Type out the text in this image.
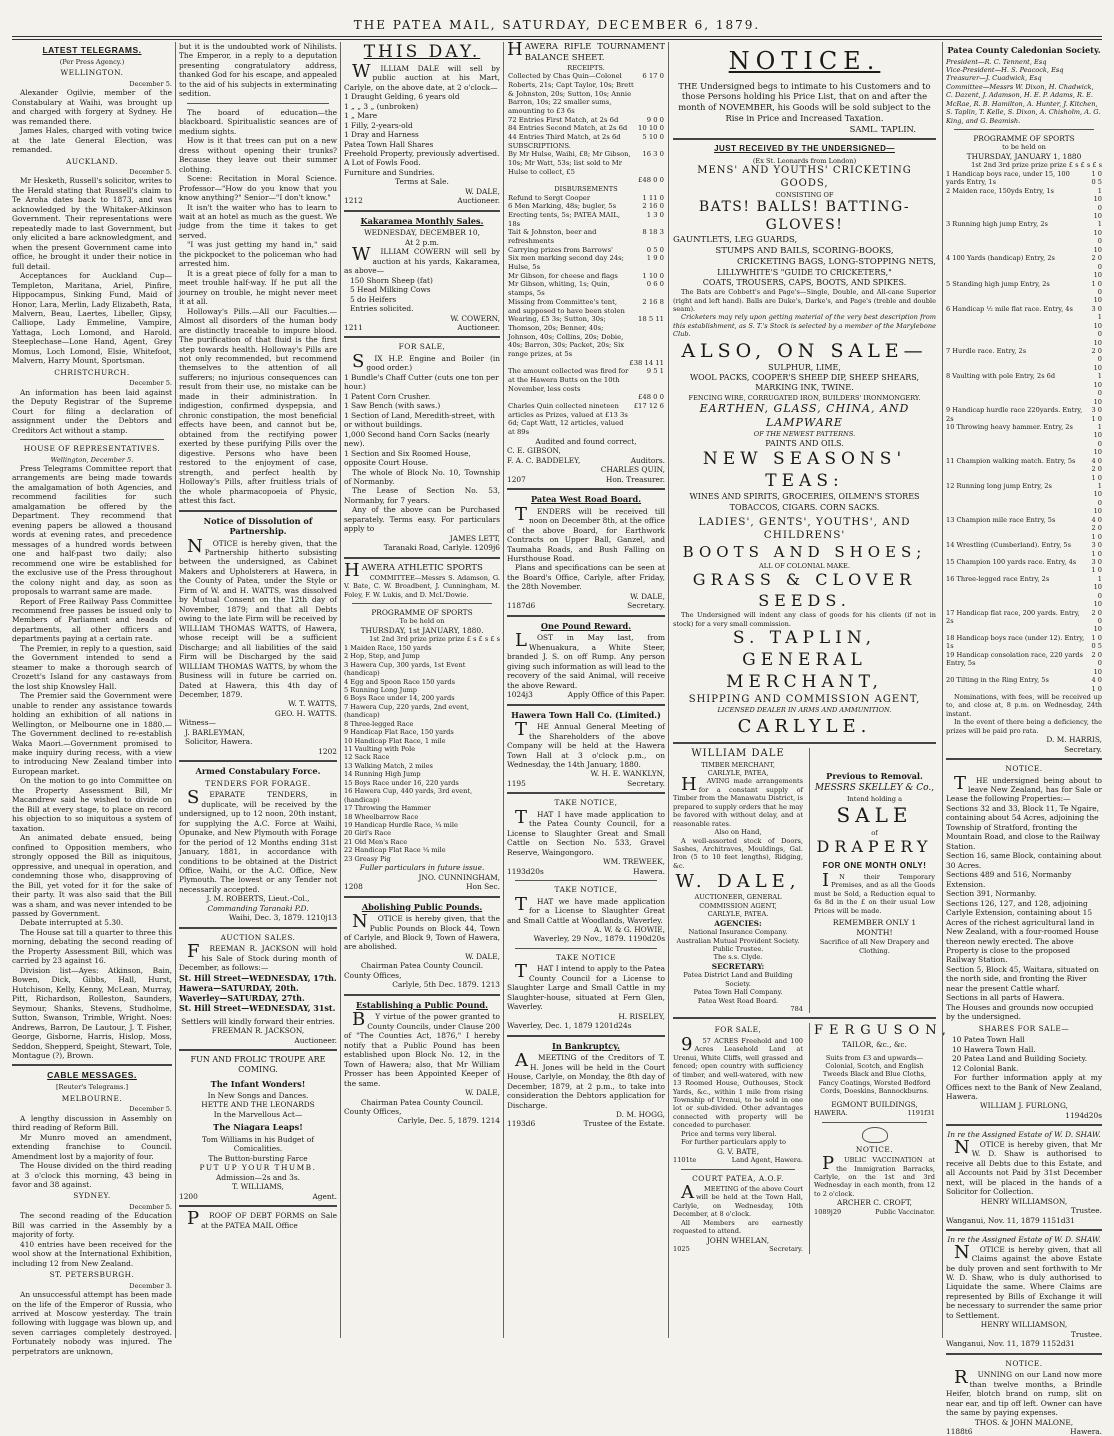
THE PATEA MAIL, SATURDAY, DECEMBER 6, 1879.
LATEST TELEGRAMS.
(Per Press Agency.)
WELLINGTON.
December 5.

Alexander Ogilvie, member of the Constabulary at Waihi, was brought up and charged with forgery at Sydney. He was remanded there.

James Hales, charged with voting twice at the late General Election, was remanded.

AUCKLAND.
December 5.

Mr Hesketh, Russell's solicitor, writes to the Herald stating that Russell's claim to Te Aroha dates back to 1873, and was acknowledged by the Whitaker-Atkinson Government. Their representations were repeatedly made to last Government, but only elicited a bare acknowledgment, and when the present Government came into office, he brought it under their notice in full detail.

Acceptances for Auckland Cup—Templeton, Maritana, Ariel, Pinfire, Hippocampus, Sinking Fund, Maid of Honor, Lara, Merlin, Lady Elizabeth, Rata, Malvern, Beau, Laertes, Libeller, Gipsy, Calliope, Lady Emmeline, Vampire, Yattaga, Loch Lomond, and Harold. Steeplechase—Lone Hand, Agent, Grey Momus, Loch Lomond, Elsie, Whitefoot, Malvern, Harry Mount, Sportsman.

CHRISTCHURCH.
December 5.

An information has been laid against the Deputy Registrar of the Supreme Court for filing a declaration of assignment under the Debtors and Creditors Act without a stamp.

HOUSE OF REPRESENTATIVES.
Wellington, December 5.

Press Telegrams Committee report that arrangements are being made towards the amalgamation of both Agencies, and recommend facilities for such amalgamation be offered by the Department. They recommend that evening papers be allowed a thousand words at evening rates, and precedence messages of a hundred words between one and half-past two daily; also recommend one wire be established for the exclusive use of the Press throughout the colony night and day, as soon as proposals to warrant same are made.

Report of Free Railway Pass Committee recommend free passes be issued only to Members of Parliament and heads of departments, all other officers and departments paying at a certain rate.

The Premier, in reply to a question, said the Government intended to send a steamer to make a thorough search of Crozett's Island for any castaways from the lost ship Knowsley Hall.

The Premier said the Government were unable to render any assistance towards holding an exhibition of all nations in Wellington, or Melbourne one in 1880.—The Government declined to re-establish Waka Maori.—Government promised to make inquiry during recess, with a view to introducing New Zealand timber into European market.

On the motion to go into Committee on the Property Assessment Bill, Mr Macandrew said he wished to divide on the Bill at every stage, to place on record his objection to so iniquitous a system of taxation.

An animated debate ensued, being confined to Opposition members, who strongly opposed the Bill as iniquitous, oppressive, and unequal in operation, and condemning those who, disapproving of the Bill, yet voted for it for the sake of their party. It was also said that the Bill was a sham, and was never intended to be passed by Government.

Debate interrupted at 5.30.

The House sat till a quarter to three this morning, debating the second reading of the Property Assessment Bill, which was carried by 23 against 16.

Division list—Ayes: Atkinson, Bain, Bowen, Dick, Gibbs, Hall, Hurst, Hutchison, Kelly, Kenny, McLean, Murray, Pitt, Richardson, Rolleston, Saunders, Seymour, Shanks, Stevens, Studholme, Sutton, Swanson, Trimble, Wright. Noes: Andrews, Barron, De Lautour, J. T. Fisher, George, Gisborne, Harris, Hislop, Moss, Seddon, Shepperd, Speight, Stewart, Tole, Montague (?), Brown.

CABLE MESSAGES.
[Reuter's Telegrams.]
MELBOURNE.
December 5.

A lengthy discussion in Assembly on third reading of Reform Bill.

Mr Munro moved an amendment, extending franchise to Council. Amendment lost by a majority of four.

The House divided on the third reading at 3 o'clock this morning, 43 being in favor and 38 against.

SYDNEY.
December 5.

The second reading of the Education Bill was carried in the Assembly by a majority of forty.

410 entries have been received for the wool show at the International Exhibition, including 12 from New Zealand.

ST. PETERSBURGH.
December 3.

An unsuccessful attempt has been made on the life of the Emperor of Russia, who arrived at Moscow yesterday. The train following with luggage was blown up, and seven carriages completely destroyed. Fortunately nobody was injured. The perpetrators are unknown,

but it is the undoubted work of Nihilists. The Emperor, in a reply to a deputation presenting congratulatory address, thanked God for his escape, and appealed to the aid of his subjects in exterminating sedition.

The board of education—the blackboard. Spiritualistic seances are of medium sights.

How is it that trees can put on a new dress without opening their trunks? Because they leave out their summer clothing.

Scene: Recitation in Moral Science. Professor—"How do you know that you know anything?" Senior—"I don't know."

It isn't the waiter who has to learn to wait at an hotel as much as the guest. We judge from the time it takes to get served.

"I was just getting my hand in," said the pickpocket to the policeman who had arrested him.

It is a great piece of folly for a man to meet trouble half-way. If he put all the journey on trouble, he might never meet it at all.

Holloway's Pills.—All our Faculties.—Almost all disorders of the human body are distinctly traceable to impure blood. The purification of that fluid is the first step towards health. Holloway's Pills are not only recommended, but recommend themselves to the attention of all sufferers; no injurious consequences can result from their use, no mistake can be made in their administration. In indigestion, confirmed dyspepsia, and chronic constipation, the most beneficial effects have been, and cannot but be, obtained from the rectifying power exerted by these purifying Pills over the digestive. Persons who have been restored to the enjoyment of case, strength, and perfect health by Holloway's Pills, after fruitless trials of the whole pharmacopoeia of Physic, attest this fact.

Notice of Dissolution of Partnership.

NOTICE is hereby given, that the Partnership hitherto subsisting between the undersigned, as Cabinet Makers and Upholsterers at Hawera, in the County of Patea, under the Style or Firm of W. and H. WATTS, was dissolved by Mutual Consent on the 12th day of November, 1879; and that all Debts owing to the late Firm will be received by WILLIAM THOMAS WATTS, of Hawera, whose receipt will be a sufficient Discharge; and all liabilities of the said Firm will be Discharged by the said WILLIAM THOMAS WATTS, by whom the Business will in future be carried on. Dated at Hawera, this 4th day of December, 1879.

W. T. WATTS,
GEO. H. WATTS.
Witness—
J. BARLEYMAN,
Solicitor, Hawera.
1202
Armed Constabulary Force.
TENDERS FOR FORAGE.

SEPARATE TENDERS, in duplicate, will be received by the undersigned, up to 12 noon, 20th instant, for supplying the A.C. Force at Waihi, Opunake, and New Plymouth with Forage for the period of 12 Months ending 31st January, 1881, in accordance with conditions to be obtained at the District Office, Waihi, or the A.C. Office, New Plymouth. The lowest or any Tender not necessarily accepted.

J. M. ROBERTS, Lieut.-Col.,
Commanding Taranaki P.D.
Waihi, Dec. 3, 1879. 1210j13
AUCTION SALES.

FREEMAN R. JACKSON will hold his Sale of Stock during month of December, as follows:—

St. Hill Street—WEDNESDAY, 17th.
Hawera—SATURDAY, 20th.
Waverley—SATURDAY, 27th.
St. Hill Street—WEDNESDAY, 31st.
Settlers will kindly forward their entries.
FREEMAN R. JACKSON,
Auctioneer.
FUN AND FROLIC TROUPE ARE COMING.
The Infant Wonders!
In New Songs and Dances.
HETTE AND THE LEONARDS
In the Marvellous Act—
The Niagara Leaps!
Tom Williams in his Budget of Comicalities.
The Button-bursting Farce
PUT UP YOUR THUMB.
Admission—2s and 3s.
T. WILLIAMS,
1200	Agent.

PROOF OF DEBT FORMS on Sale at the PATEA MAIL Office

THIS DAY.

WILLIAM DALE will sell by public auction at his Mart, Carlyle, on the above date, at 2 o'clock—

1 Draught Gelding, 6 years old
1 „ „ 3 „ (unbroken)
1 „ Mare
1 Filly, 2-years-old
1 Dray and Harness
Patea Town Hall Shares
Freehold Property, previously advertised.
A Lot of Fowls Food.
Furniture and Sundries.
Terms at Sale.
W. DALE,
1212	Auctioneer.
Kakaramea Monthly Sales.
WEDNESDAY, DECEMBER 10,
At 2 p.m.

WILLIAM COWERN will sell by auction at his yards, Kakaramea, as above—

150 Shorn Sheep (fat)
5 Head Milking Cows
5 do Heifers
Entries solicited.
W. COWERN,
1211	Auctioneer.
FOR SALE,

SIX H.P. Engine and Boiler (in good order.)

1 Bundle's Chaff Cutter (cuts one ton per hour.)
1 Patent Corn Crusher.
1 Saw Bench (with saws.)
1 Section of Land, Meredith-street, with or without buildings.
1,000 Second hand Corn Sacks (nearly new).
1 Section and Six Roomed House, opposite Court House.

The whole of Block No. 10, Township of Normanby.

The Lease of Section No. 53, Normanby, for 7 years.

Any of the above can be Purchased separately. Terms easy. For particulars apply to

JAMES LETT,
Taranaki Road, Carlyle. 1209j6

HAWERA ATHLETIC SPORTS

COMMITTEE—Messrs S. Adamson, G. V. Bate, C. W. Broadbent, J. Cunningham, M. Foley, F. W. Lukis, and D. McL'Dowie.

PROGRAMME OF SPORTS
To be held on
THURSDAY, 1st JANUARY, 1880.
1st 2nd 3rd prize prize prize £ s £ s £ s
1 Maiden Race, 150 yards
2 Hop, Step, and Jump
3 Hawera Cup, 300 yards, 1st Event (handicap)
4 Egg and Spoon Race 150 yards
5 Running Long Jump
6 Boys Race under 14, 200 yards
7 Hawera Cup, 220 yards, 2nd event, (handicap)
8 Three-legged Race
9 Handicap Flat Race, 150 yards
10 Handicap Flat Race, 1 mile
11 Vaulting with Pole
12 Sack Race
13 Walking Match, 2 miles
14 Running High Jump
15 Boys Race under 16, 220 yards
16 Hawera Cup, 440 yards, 3rd event, (handicap)
17 Throwing the Hammer
18 Wheelbarrow Race
19 Handicap Hurdle Race, ¼ mile
20 Girl's Race
21 Old Men's Race
22 Handicap Flat Race ¼ mile
23 Greasy Pig
Fuller particulars in future issue.
JNO. CUNNINGHAM,
1208	Hon Sec.
Abolishing Public Pounds.

NOTICE is hereby given, that the Public Pounds on Block 44, Town of Carlyle, and Block 9, Town of Hawera, are abolished.

W. DALE,
Chairman Patea County Council.
County Offices,
Carlyle, 5th Dec. 1879. 1213
Establishing a Public Pound.

BY virtue of the power granted to County Councils, under Clause 200 of "The Counties Act, 1876," I hereby notify that a Public Pound has been established upon Block No. 12, in the Town of Hawera; also, that Mr William Prosser has been Appointed Keeper of the same.

W. DALE,
Chairman Patea County Council.
County Offices,
Carlyle, Dec. 5, 1879. 1214

HAWERA RIFLE TOURNAMENT BALANCE SHEET.

RECEIPTS.
Collected by Chas Quin—Colonel Roberts, 21s; Capt Taylor, 10s; Brett & Johnston, 20s; Sutton, 10s; Annie Barron, 10s; 22 smaller sums, amounting to £3 6s	6 17 0
72 Entries First Match, at 2s 6d	9 0 0
84 Entries Second Match, at 2s 6d	10 10 0
44 Entries Third Match, at 2s 6d	5 10 0
SUBSCRIPTIONS.	
By Mr Hulse, Waihi, £8; Mr Gibson, 10s; Mr Watt, 53s; list sold to Mr Hulse to collect, £5	16 3 0
	£48 0 0
DISBURSEMENTS
Refund to Sergt Cooper	1 11 0
6 Men Marking, 48s; bugler, 5s	2 16 0
Erecting tents, 5s; PATEA MAIL, 18s	1 3 0
Tait & Johnston, beer and refreshments	8 18 3
Carrying prizes from Barrows'	0 5 0
Six men marking second day 24s; Hulse, 5s	1 9 0
Mr Gibson, for cheese and flags	1 10 0
Mr Gibson, whiting, 1s; Quin, stamps, 5s	0 6 0
Missing from Committee's tent, and supposed to have been stolen	2 16 8
Wearing, £5 3s; Sutton, 30s; Thomson, 20s; Benner, 40s; Johnson, 40s; Collins, 20s; Dobie, 40s; Barron, 30s; Packet, 20s; Six range prizes, at 5s	18 5 11
	£38 14 11
The amount collected was fired for at the Hawera Butts on the 10th November, less costs	9 5 1
	£48 0 0
Charles Quin collected nineteen articles as Prizes, valued at £13 3s 6d; Capt Watt, 12 articles, valued at 89s	£17 12 6
Audited and found correct,
C. E. GIBSON,
F. A. C. BADDELEY,	Auditors.
CHARLES QUIN,
1207	Hon. Treasurer.
Patea West Road Board.

TENDERS will be received till noon on December 8th, at the office of the above Board, for Earthwork Contracts on Upper Ball, Ganzel, and Taumaha Roads, and Bush Falling on Hursthouse Road.

Plans and specifications can be seen at the Board's Office, Carlyle, after Friday, the 28th November.

W. DALE,
1187d6	Secretary.
One Pound Reward.

LOST in May last, from Whenuakura, a White Steer, branded J. S. on off Rump. Any person giving such information as will lead to the recovery of the said Animal, will receive the above Reward.

1024j3	Apply Office of this Paper.
Hawera Town Hall Co. (Limited.)

THE Annual General Meeting of the Shareholders of the above Company will be held at the Hawera Town Hall at 3 o'clock p.m., on Wednesday, the 14th January, 1880.

W. H. E. WANKLYN,
1195	Secretary.
TAKE NOTICE,

THAT I have made application to the Patea County Council, for a License to Slaughter Great and Small Cattle on Section No. 533, Gravel Reserve, Waingongoro.

WM. TREWEEK,
1193d20s	Hawera.
TAKE NOTICE,

THAT we have made application for a License to Slaughter Great and Small Cattle at Woodlands, Waverley.

A. W. & G. HOWIE,
Waverley, 29 Nov., 1879. 1190d20s
TAKE NOTICE

THAT I intend to apply to the Patea County Council for a License to Slaughter Large and Small Cattle in my Slaughter-house, situated at Fern Glen, Waverley.

H. RISELEY,
Waverley, Dec. 1, 1879 1201d24s
In Bankruptcy.

AMEETING of the Creditors of T. H. Jones will be held in the Court House, Carlyle, on Monday, the 8th day of December, 1879, at 2 p.m., to take into consideration the Debtors application for Discharge.

D. M. HOGG,
1193d6	Trustee of the Estate.
NOTICE.

THE Undersigned begs to intimate to his Customers and to those Persons holding his Price List, that on and after the month of NOVEMBER, his Goods will be sold subject to the Rise in Price and Increased Taxation.

SAML. TAPLIN.
JUST RECEIVED BY THE UNDERSIGNED—
(Ex St. Leonards from London)
MENS' AND YOUTHS' CRICKETING GOODS,
CONSISTING OF
BATS! BALLS! BATTING-GLOVES!
GAUNTLETS, LEG GUARDS,
STUMPS AND BAILS, SCORING-BOOKS,
CRICKETING BAGS, LONG-STOPPING NETS,
LILLYWHITE'S "GUIDE TO CRICKETERS,"
COATS, TROUSERS, CAPS, BOOTS, AND SPIKES.

The Bats are Cobbett's and Page's—Single, Double, and All-cane Superior (right and left hand). Balls are Duke's, Darke's, and Page's (treble and double seam).

Cricketers may rely upon getting material of the very best description from this establishment, as S. T.'s Stock is selected by a member of the Marylebone Club.

ALSO, ON SALE—
SULPHUR, LIME,
WOOL PACKS, COOPER'S SHEEP DIP, SHEEP SHEARS,
MARKING INK, TWINE.
FENCING WIRE, CORRUGATED IRON, BUILDERS' IRONMONGERY.
EARTHEN, GLASS, CHINA, AND LAMPWARE
OF THE NEWEST PATTERNS.
PAINTS AND OILS.
NEW SEASONS' TEAS:
WINES AND SPIRITS, GROCERIES, OILMEN'S STORES
TOBACCOS, CIGARS. CORN SACKS.
LADIES', GENTS', YOUTHS', AND CHILDRENS'
BOOTS AND SHOES;
ALL OF COLONIAL MAKE.
GRASS & CLOVER SEEDS.

The Undersigned will indent any class of goods for his clients (if not in stock) for a very small commission.

S. TAPLIN,
GENERAL MERCHANT,
SHIPPING AND COMMISSION AGENT,
LICENSED DEALER IN ARMS AND AMMUNITION.
CARLYLE.
WILLIAM DALE
TIMBER MERCHANT,
CARLYLE, PATEA,

HAVING made arrangements for a constant supply of Timber from the Manawatu District, is prepared to supply orders that he may be favored with without delay, and at reasonable rates.

Also on Hand,

A well-assorted stock of Doors, Sashes, Architraves, Mouldings, Gal. Iron (5 to 10 feet lengths), Ridging, &c.

W. DALE,
AUCTIONEER, GENERAL COMMISSION AGENT,
CARLYLE, PATEA.
AGENCIES:
National Insurance Company.
Australian Mutual Provident Society.
Public Trustee.
The s.s. Clyde.
SECRETARY:
Patea District Land and Building Society.
Patea Town Hall Company.
Patea West Road Board.
784
Previous to Removal.
MESSRS SKELLEY & Co.,
Intend holding a
SALE
of
DRAPERY
FOR ONE MONTH ONLY!

IN their Temporary Premises, and as all the Goods must be Sold, a Reduction equal to 6s 8d in the £ on their usual Low Prices will be made.

REMEMBER ONLY 1 MONTH!
Sacrifice of all New Drapery and Clothing.
FOR SALE,

957 ACRES Freehold and 100 Acres Leasehold Land at Urenui, White Cliffs, well grassed and fenced; open country with sufficiency of timber, and well-watered, with new 13 Roomed House, Outhouses, Stock Yards, &c., within 1 mile from rising Township of Urenui, to be sold in one lot or sub-divided. Other advantages connected with property will be conceded to purchaser.

Price and terms very liberal.

For further particulars apply to

G. V. BATE,
1101te	Land Agent, Hawera.
COURT PATEA, A.O.F.

AMEETING of the above Court will be held at the Town Hall, Carlyle, on Wednesday, 10th December, at 8 o'clock.

All Members are earnestly requested to attend.

JOHN WHELAN,
1025	Secretary.
FERGUSON,
TAILOR, &c., &c.

Suits from £3 and upwards—Colonial, Scotch, and English Tweeds Black and Blue Cloths, Fancy Coatings, Worsted Bedford Cords, Doeskins, Bannockburns.

EGMONT BUILDINGS,
HAWERA.	1191f31
NOTICE.

PUBLIC VACCINATION at the Immigration Barracks, Carlyle, on the 1st and 3rd Wednesday in each month, from 12 to 2 o'clock.

ARCHER C. CROFT,
1089j29	Public Vaccinator.
Patea County Caledonian Society.
President—R. C. Tennent, Esq
Vice-President—H. S. Peacock, Esq
Treasurer—J. Cuadwick, Esq
Committee—Messrs W. Dixon, H. Chadwick, C. Dazent, J. Adamson, H. E. P. Adams, R. E. McRae, R. B. Hamilton, A. Hunter, J. Kitchen, S. Taplin, T. Kelle, S. Dixon, A. Chisholm, A. G. King, and G. Beamish.
PROGRAMME OF SPORTS
to be held on
THURSDAY, JANUARY 1, 1880
1st 2nd 3rd prize prize prize £ s £ s £ s
1 Handicap boys race, under 15, 100 yards Entry, 1s	1 0 0 5
2 Maiden race, 150yds Entry, 1s	1 10 0 10
3 Running high jump Entry, 2s	1 10 0 10
4 100 Yards (handicap) Entry, 2s	2 0 0 10
5 Standing high jump Entry, 2s	1 0 0 10
6 Handicap ½ mile flat race. Entry, 4s	3 0 1 10 0 10
7 Hurdle race. Entry, 2s	2 0 0 10
8 Vaulting with pole Entry, 2s 6d	1 10 0 10
9 Handicap hurdle race 220yards. Entry, 2s	3 0 1 0
10 Throwing heavy hammer. Entry, 2s	1 10 0 10
11 Champion walking match. Entry, 5s	4 0 2 0 1 0
12 Running long jump Entry, 2s	1 10 0 10
13 Champion mile race Entry, 5s	4 0 2 0 1 0
14 Wrestling (Cumberland). Entry, 5s	3 0 1 0
15 Champion 100 yards race. Entry, 4s	3 0 1 0
16 Three-legged race Entry, 2s	1 10 0 10
17 Handicap flat race, 200 yards. Entry, 2s	2 0 0 10
18 Handicap boys race (under 12). Entry, 1s	1 0 0 5
19 Handicap consolation race, 220 yards Entry, 5s	2 0 0 10
20 Tilting in the Ring Entry, 5s	4 0 1 0

Nominations, with fees, will be received up to, and close at, 8 p.m. on Wednesday, 24th instant.

In the event of there being a deficiency, the prizes will be paid pro rata.

D. M. HARRIS,
Secretary.
NOTICE.

THE undersigned being about to leave New Zealand, has for Sale or Lease the following Properties:—

Sections 32 and 33, Block 11, Te Ngaire, containing about 54 Acres, adjoining the Township of Stratford, fronting the Mountain Road, and close to the Railway Station.
Section 16, same Block, containing about 30 Acres.
Sections 489 and 516, Normanby Extension.
Section 391, Normanby.
Sections 126, 127, and 128, adjoining Carlyle Extension, containing about 15 Acres of the richest agricultural land in New Zealand, with a four-roomed House thereon newly erected. The above Property is close to the proposed Railway Station.
Section 5, Block 45, Waitara, situated on the north side, and fronting the River near the present Cattle wharf.
Sections in all parts of Hawera.
The Houses and grounds now occupied by the undersigned.
SHARES FOR SALE—
10 Patea Town Hall
10 Hawera Town Hall.
20 Patea Land and Building Society.
12 Colonial Bank.

For further information apply at my Offices next to the Bank of New Zealand, Hawera.

WILLIAM J. FURLONG,
1194d20s
In re the Assigned Estate of W. D. SHAW.

NOTICE is hereby given, that Mr W. D. Shaw is authorised to receive all Debts due to this Estate, and all Accounts not Paid by 31st December next, will be placed in the hands of a Solicitor for Collection.

HENRY WILLIAMSON,
Trustee.
Wanganui, Nov. 11, 1879 1151d31
In re the Assigned Estate of W. D. SHAW.

NOTICE is hereby given, that all Claims against the above Estate be duly proven and sent forthwith to Mr W. D. Shaw, who is duly authorised to Liquidate the same. Where Claims are represented by Bills of Exchange it will be necessary to surrender the same prior to Settlement.

HENRY WILLIAMSON,
Trustee.
Wanganui, Nov. 11, 1879 1152d31
NOTICE.

RUNNING on our Land now more than twelve months, a Brindle Heifer, blotch brand on rump, slit on near ear, and tip off left. Owner can have the same by paying expenses.

THOS. & JOHN MALONE,
1188t6	Hawera.
